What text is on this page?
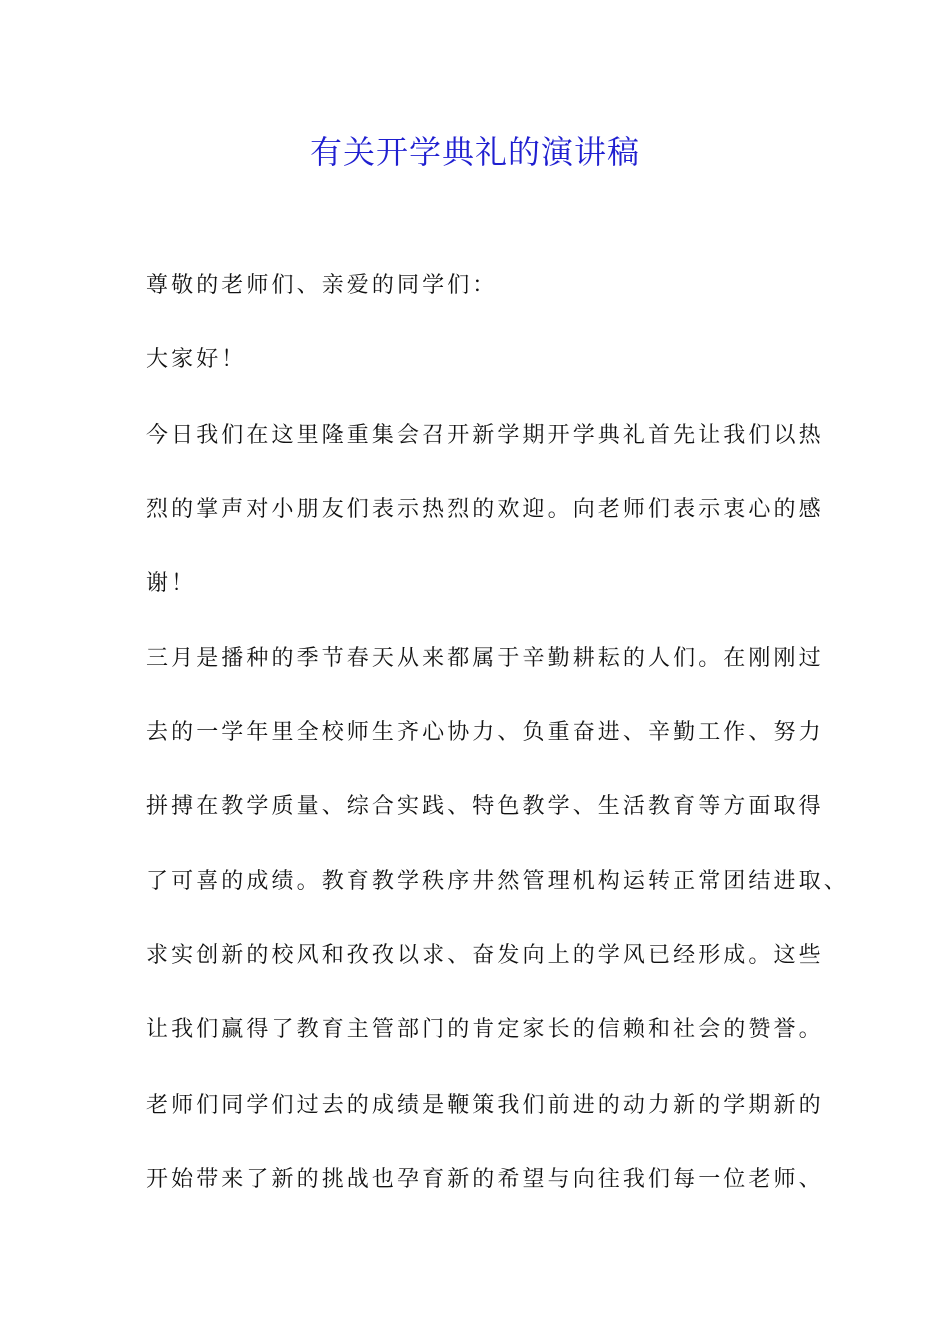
有关开学典礼的演讲稿
尊敬的老师们、亲爱的同学们：
大家好！
今日我们在这里隆重集会召开新学期开学典礼首先让我们以热
烈的掌声对小朋友们表示热烈的欢迎。向老师们表示衷心的感
谢！
三月是播种的季节春天从来都属于辛勤耕耘的人们。在刚刚过
去的一学年里全校师生齐心协力、负重奋进、辛勤工作、努力
拼搏在教学质量、综合实践、特色教学、生活教育等方面取得
了可喜的成绩。教育教学秩序井然管理机构运转正常团结进取、
求实创新的校风和孜孜以求、奋发向上的学风已经形成。这些
让我们赢得了教育主管部门的肯定家长的信赖和社会的赞誉。
老师们同学们过去的成绩是鞭策我们前进的动力新的学期新的
开始带来了新的挑战也孕育新的希望与向往我们每一位老师、
